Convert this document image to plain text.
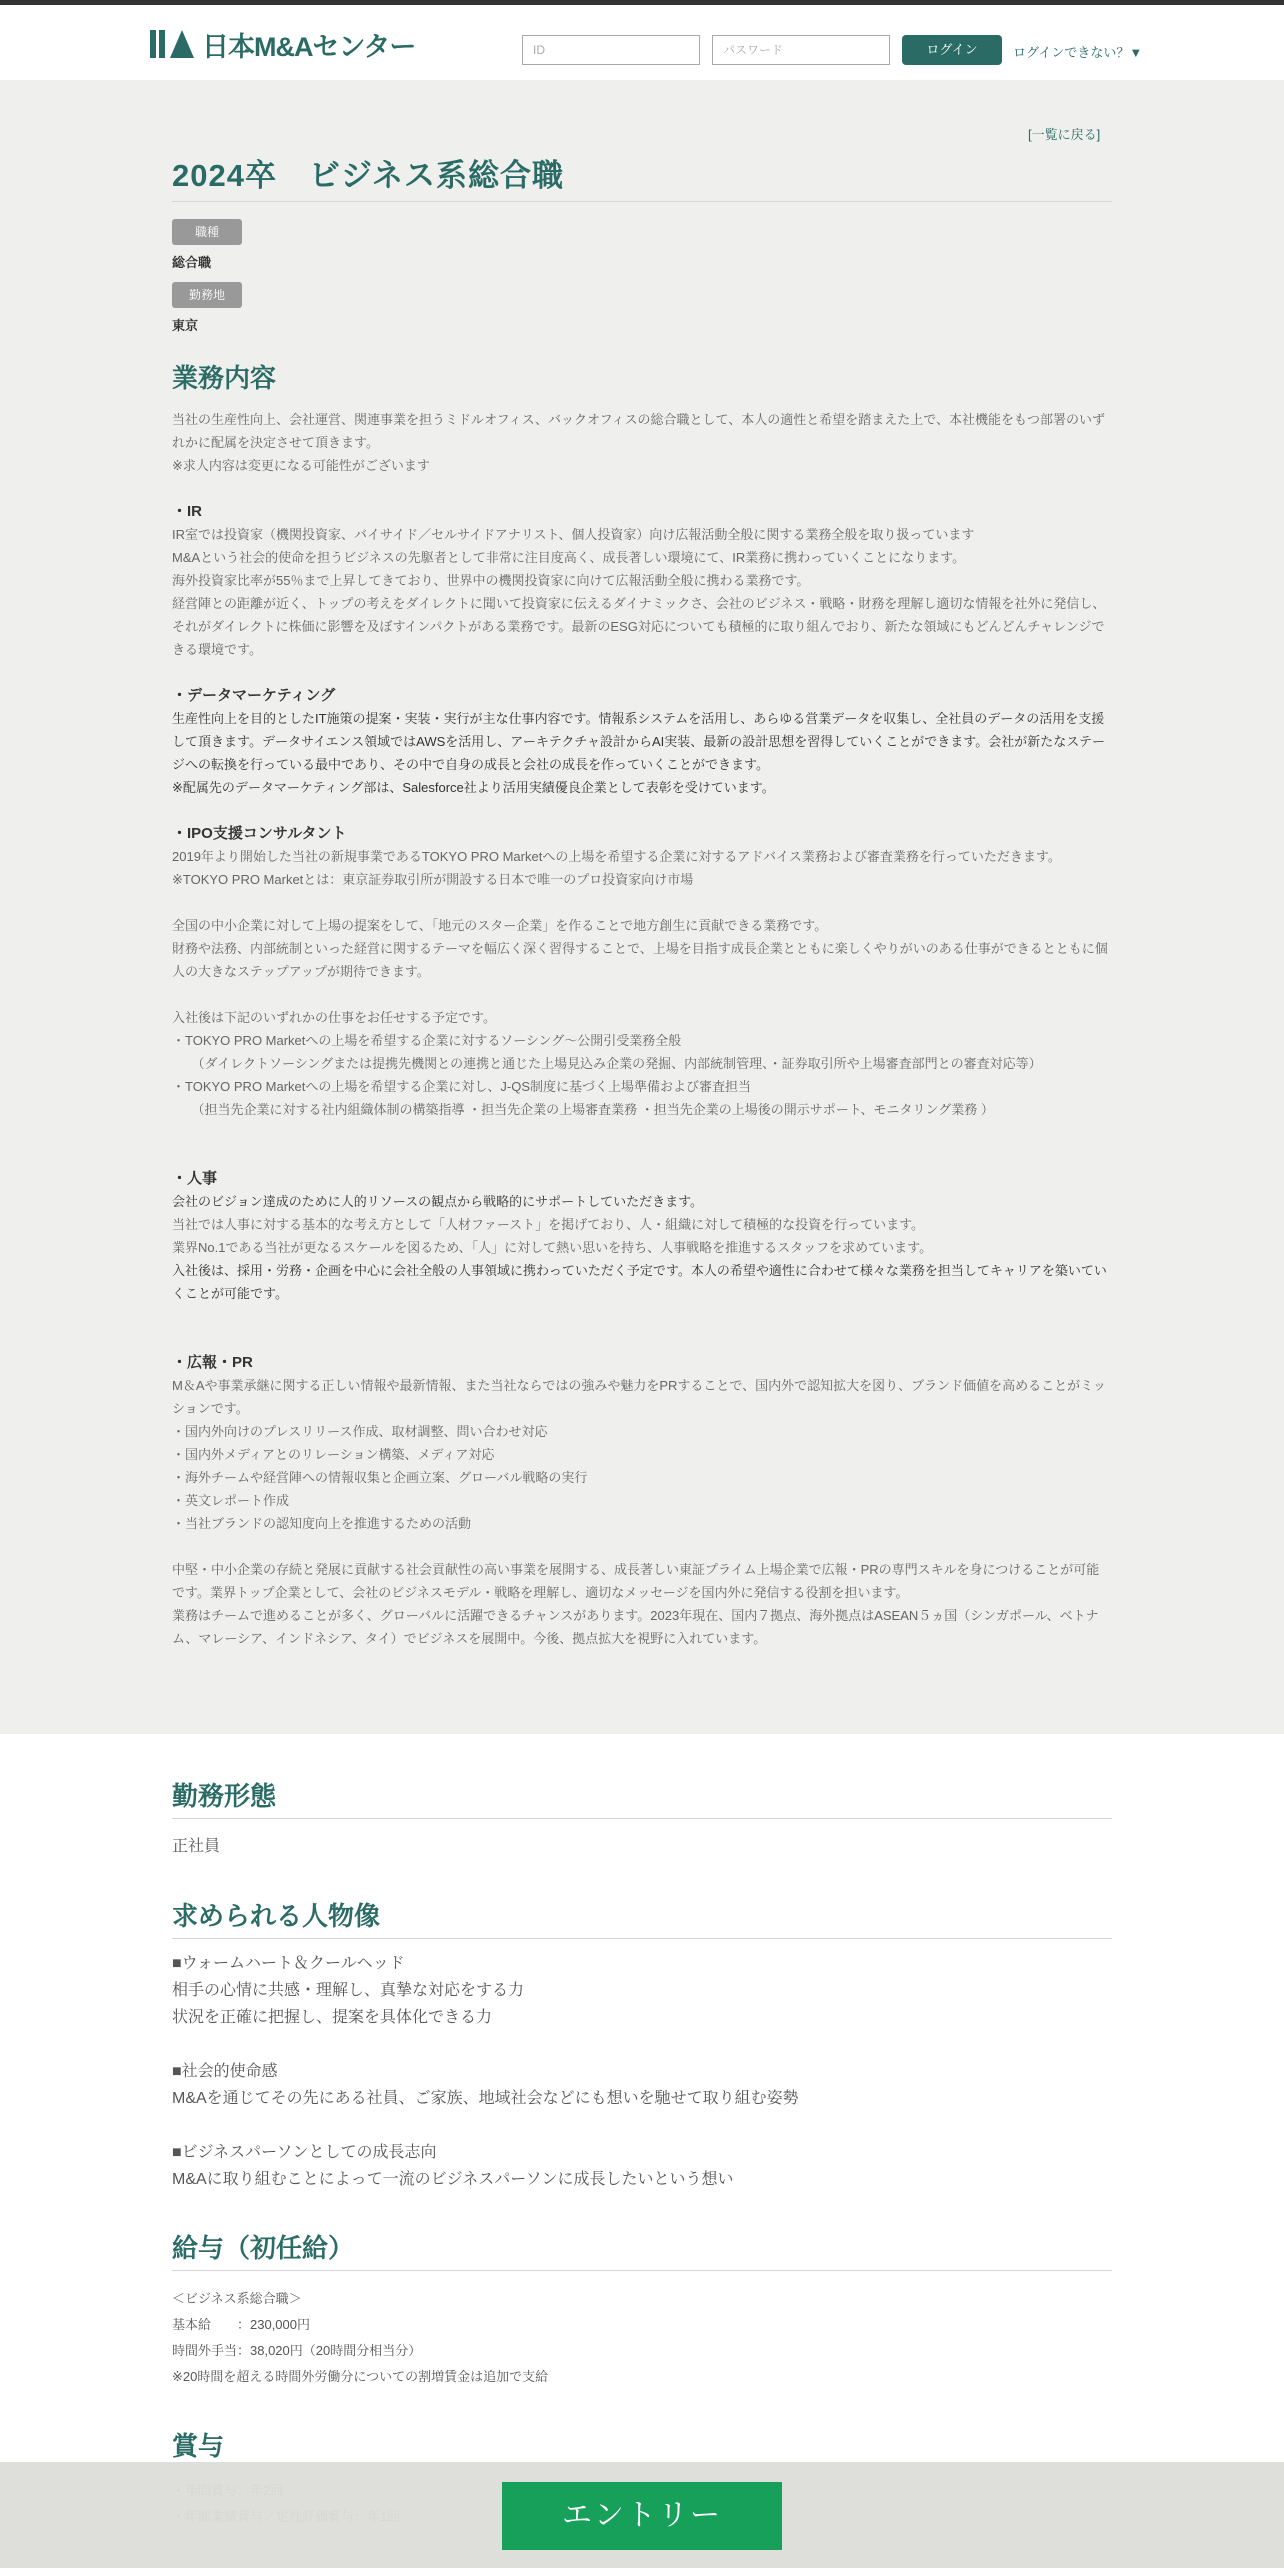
日本M&Aセンター	ID	パスワード	ログイン	ログインできない？▼
[一覧に戻る]
2024卒　ビジネス系総合職
職種
総合職
勤務地
東京
業務内容

当社の生産性向上、会社運営、関連事業を担うミドルオフィス、バックオフィスの総合職として、本人の適性と希望を踏まえた上で、本社機能をもつ部署のいずれかに配属を決定させて頂きます。

※求人内容は変更になる可能性がございます

・IR

IR室では投資家（機関投資家、バイサイド／セルサイドアナリスト、個人投資家）向け広報活動全般に関する業務全般を取り扱っています

M&Aという社会的使命を担うビジネスの先駆者として非常に注目度高く、成長著しい環境にて、IR業務に携わっていくことになります。

海外投資家比率が55％まで上昇してきており、世界中の機関投資家に向けて広報活動全般に携わる業務です。

経営陣との距離が近く、トップの考えをダイレクトに聞いて投資家に伝えるダイナミックさ、会社のビジネス・戦略・財務を理解し適切な情報を社外に発信し、それがダイレクトに株価に影響を及ぼすインパクトがある業務です。最新のESG対応についても積極的に取り組んでおり、新たな領域にもどんどんチャレンジできる環境です。

・データマーケティング

生産性向上を目的としたIT施策の提案・実装・実行が主な仕事内容です。情報系システムを活用し、あらゆる営業データを収集し、全社員のデータの活用を支援して頂きます。データサイエンス領域ではAWSを活用し、アーキテクチャ設計からAI実装、最新の設計思想を習得していくことができます。会社が新たなステージへの転換を行っている最中であり、その中で自身の成長と会社の成長を作っていくことができます。

※配属先のデータマーケティング部は、Salesforce社より活用実績優良企業として表彰を受けています。

・IPO支援コンサルタント

2019年より開始した当社の新規事業であるTOKYO PRO Marketへの上場を希望する企業に対するアドバイス業務および審査業務を行っていただきます。

※TOKYO PRO Marketとは：東京証券取引所が開設する日本で唯一のプロ投資家向け市場

全国の中小企業に対して上場の提案をして、「地元のスター企業」を作ることで地方創生に貢献できる業務です。

財務や法務、内部統制といった経営に関するテーマを幅広く深く習得することで、上場を目指す成長企業とともに楽しくやりがいのある仕事ができるとともに個人の大きなステップアップが期待できます。

入社後は下記のいずれかの仕事をお任せする予定です。

・TOKYO PRO Marketへの上場を希望する企業に対するソーシング～公開引受業務全般

　　（ダイレクトソーシングまたは提携先機関との連携と通じた上場見込み企業の発掘、内部統制管理、・証券取引所や上場審査部門との審査対応等）

・TOKYO PRO Marketへの上場を希望する企業に対し、J-QS制度に基づく上場準備および審査担当

　　（担当先企業に対する社内組織体制の構築指導 ・担当先企業の上場審査業務 ・担当先企業の上場後の開示サポート、モニタリング業務 ）

・人事

会社のビジョン達成のために人的リソースの観点から戦略的にサポートしていただきます。

当社では人事に対する基本的な考え方として「人材ファースト」を掲げており、人・組織に対して積極的な投資を行っています。

業界No.1である当社が更なるスケールを図るため、「人」に対して熱い思いを持ち、人事戦略を推進するスタッフを求めています。

入社後は、採用・労務・企画を中心に会社全般の人事領域に携わっていただく予定です。本人の希望や適性に合わせて様々な業務を担当してキャリアを築いていくことが可能です。

・広報・PR

M＆Aや事業承継に関する正しい情報や最新情報、また当社ならではの強みや魅力をPRすることで、国内外で認知拡大を図り、ブランド価値を高めることがミッションです。

・国内外向けのプレスリリース作成、取材調整、問い合わせ対応

・国内外メディアとのリレーション構築、メディア対応

・海外チームや経営陣への情報収集と企画立案、グローバル戦略の実行

・英文レポート作成

・当社ブランドの認知度向上を推進するための活動

中堅・中小企業の存続と発展に貢献する社会貢献性の高い事業を展開する、成長著しい東証プライム上場企業で広報・PRの専門スキルを身につけることが可能です。業界トップ企業として、会社のビジネスモデル・戦略を理解し、適切なメッセージを国内外に発信する役割を担います。

業務はチームで進めることが多く、グローバルに活躍できるチャンスがあります。2023年現在、国内７拠点、海外拠点はASEAN５ヵ国（シンガポール、ベトナム、マレーシア、インドネシア、タイ）でビジネスを展開中。今後、拠点拡大を視野に入れています。

勤務形態

正社員

求められる人物像

■ウォームハート＆クールヘッド

相手の心情に共感・理解し、真摯な対応をする力

状況を正確に把握し、提案を具体化できる力

■社会的使命感

M&Aを通じてその先にある社員、ご家族、地域社会などにも想いを馳せて取り組む姿勢

■ビジネスパーソンとしての成長志向

M&Aに取り組むことによって一流のビジネスパーソンに成長したいという想い

給与（初任給）

＜ビジネス系総合職＞

基本給　　：230,000円

時間外手当：38,020円（20時間分相当分）

※20時間を超える時間外労働分についての割増賃金は追加で支給

賞与

エントリー
